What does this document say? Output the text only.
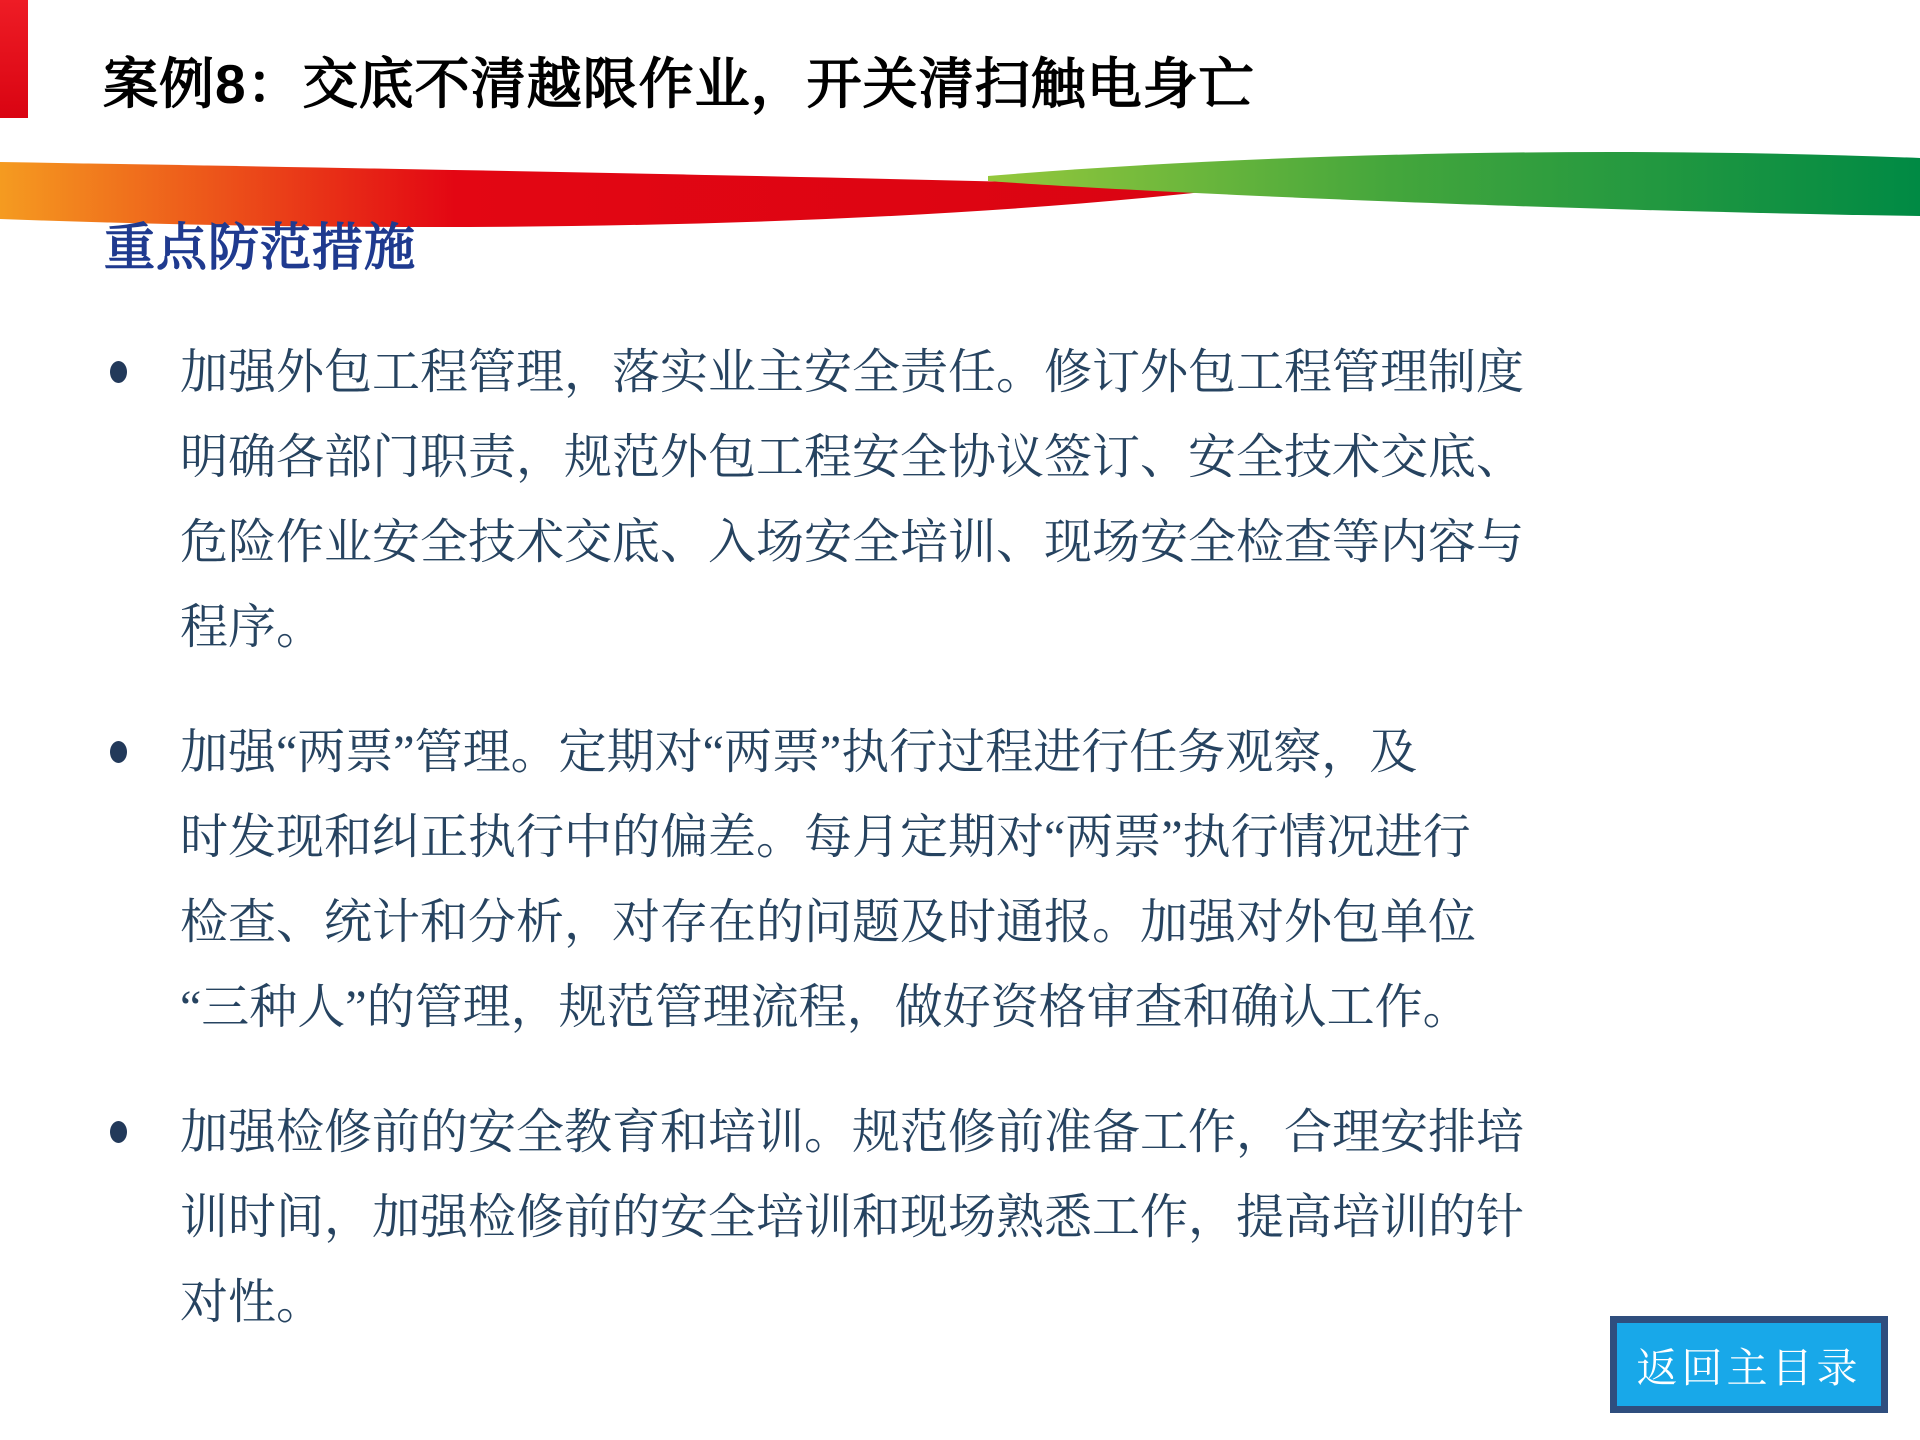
案例8：交底不清越限作业，开关清扫触电身亡
重点防范措施
加强外包工程管理，落实业主安全责任。修订外包工程管理制度
明确各部门职责，规范外包工程安全协议签订、安全技术交底、
危险作业安全技术交底、入场安全培训、现场安全检查等内容与
程序。
加强“两票”管理。定期对“两票”执行过程进行任务观察，及
时发现和纠正执行中的偏差。每月定期对“两票”执行情况进行
检查、统计和分析，对存在的问题及时通报。加强对外包单位
“三种人”的管理，规范管理流程，做好资格审查和确认工作。
加强检修前的安全教育和培训。规范修前准备工作，合理安排培
训时间，加强检修前的安全培训和现场熟悉工作，提高培训的针
对性。
返回主目录
